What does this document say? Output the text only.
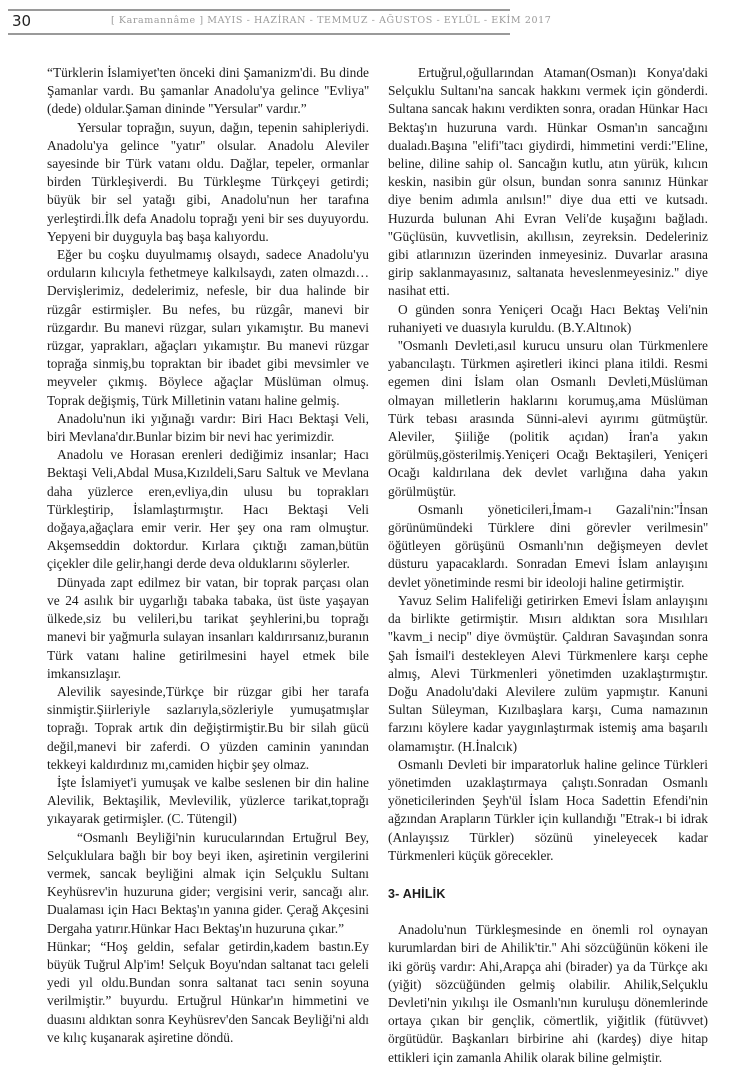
30	[ Karamannâme ] MAYIS - HAZİRAN - TEMMUZ - AĞUSTOS - EYLÜL - EKİM 2017

“Türklerin İslamiyet'ten önceki dini Şamanizm'di. Bu dinde Şamanlar vardı. Bu şamanlar Anadolu'ya gelince ''Evliya'' (dede) oldular.Şaman dininde ''Yersular'' vardır.”

Yersular toprağın, suyun, dağın, tepenin sahipleriydi. Anadolu'ya gelince ''yatır'' olsular. Anadolu Aleviler sayesinde bir Türk vatanı oldu. Dağlar, tepeler, ormanlar birden Türkleşiverdi. Bu Türkleşme Türkçeyi getirdi; büyük bir sel yatağı gibi, Anadolu'nun her tarafına yerleştirdi.İlk defa Anadolu toprağı yeni bir ses duyuyordu. Yepyeni bir duyguyla baş başa kalıyordu.

Eğer bu coşku duyulmamış olsaydı, sadece Anadolu'yu orduların kılıcıyla fethetmeye kalkılsaydı, zaten olmazdı… Dervişlerimiz, dedelerimiz, nefesle, bir dua halinde bir rüzgâr estirmişler. Bu nefes, bu rüzgâr, manevi bir rüzgardır. Bu manevi rüzgar, suları yıkamıştır. Bu manevi rüzgar, yaprakları, ağaçları yıkamıştır. Bu manevi rüzgar toprağa sinmiş,bu topraktan bir ibadet gibi mevsimler ve meyveler çıkmış. Böylece ağaçlar Müslüman olmuş. Toprak değişmiş, Türk Milletinin vatanı haline gelmiş.

Anadolu'nun iki yığınağı vardır: Biri Hacı Bektaşi Veli, biri Mevlana'dır.Bunlar bizim bir nevi hac yerimizdir.

Anadolu ve Horasan erenleri dediğimiz insanlar; Hacı Bektaşi Veli,Abdal Musa,Kızıldeli,Saru Saltuk ve Mevlana daha yüzlerce eren,evliya,din ulusu bu toprakları Türkleştirip, İslamlaştırmıştır. Hacı Bektaşi Veli doğaya,ağaçlara emir verir. Her şey ona ram olmuştur. Akşemseddin doktordur. Kırlara çıktığı zaman,bütün çiçekler dile gelir,hangi derde deva olduklarını söylerler.

Dünyada zapt edilmez bir vatan, bir toprak parçası olan ve 24 asılık bir uygarlığı tabaka tabaka, üst üste yaşayan ülkede,siz bu velileri,bu tarikat şeyhlerini,bu toprağı manevi bir yağmurla sulayan insanları kaldırırsanız,buranın Türk vatanı haline getirilmesini hayel etmek bile imkansızlaşır.

Alevilik sayesinde,Türkçe bir rüzgar gibi her tarafa sinmiştir.Şiirleriyle sazlarıyla,sözleriyle yumuşatmışlar toprağı. Toprak artık din değiştirmiştir.Bu bir silah gücü değil,manevi bir zaferdi. O yüzden caminin yanından tekkeyi kaldırdınız mı,camiden hiçbir şey olmaz.

İşte İslamiyet'i yumuşak ve kalbe seslenen bir din haline Alevilik, Bektaşilik, Mevlevilik, yüzlerce tarikat,toprağı yıkayarak getirmişler. (C. Tütengil)

“Osmanlı Beyliği'nin kurucularından Ertuğrul Bey, Selçuklulara bağlı bir boy beyi iken, aşiretinin vergilerini vermek, sancak beyliğini almak için Selçuklu Sultanı Keyhüsrev'in huzuruna gider; vergisini verir, sancağı alır. Dualaması için Hacı Bektaş'ın yanına gider. Çerağ Akçesini Dergaha yatırır.Hünkar Hacı Bektaş'ın huzuruna çıkar.”

Hünkar; “Hoş geldin, sefalar getirdin,kadem bastın.Ey büyük Tuğrul Alp'im! Selçuk Boyu'ndan saltanat tacı geleli yedi yıl oldu.Bundan sonra saltanat tacı senin soyuna verilmiştir.” buyurdu. Ertuğrul Hünkar'ın himmetini ve duasını aldıktan sonra Keyhüsrev'den Sancak Beyliği'ni aldı ve kılıç kuşanarak aşiretine döndü.

Ertuğrul,oğullarından Ataman(Osman)ı Konya'daki Selçuklu Sultanı'na sancak hakkını vermek için gönderdi. Sultana sancak hakını verdikten sonra, oradan Hünkar Hacı Bektaş'ın huzuruna vardı. Hünkar Osman'ın sancağını dualadı.Başına ''elifi''tacı giydirdi, himmetini verdi:''Eline, beline, diline sahip ol. Sancağın kutlu, atın yürük, kılıcın keskin, nasibin gür olsun, bundan sonra sanınız Hünkar diye benim adımla anılsın!'' diye dua etti ve kutsadı. Huzurda bulunan Ahi Evran Veli'de kuşağını bağladı. ''Güçlüsün, kuvvetlisin, akıllısın, zeyreksin. Dedeleriniz gibi atlarınızın üzerinden inmeyesiniz. Duvarlar arasına girip saklanmayasınız, saltanata heveslenmeyesiniz.'' diye nasihat etti.

O günden sonra Yeniçeri Ocağı Hacı Bektaş Veli'nin ruhaniyeti ve duasıyla kuruldu. (B.Y.Altınok)

''Osmanlı Devleti,asıl kurucu unsuru olan Türkmenlere yabancılaştı. Türkmen aşiretleri ikinci plana itildi. Resmi egemen dini İslam olan Osmanlı Devleti,Müslüman olmayan milletlerin haklarını korumuş,ama Müslüman Türk tebası arasında Sünni-alevi ayırımı gütmüştür. Aleviler, Şiiliğe (politik açıdan) İran'a yakın görülmüş,gösterilmiş.Yeniçeri Ocağı Bektaşileri, Yeniçeri Ocağı kaldırılana dek devlet varlığına daha yakın görülmüştür.

Osmanlı yöneticileri,İmam-ı Gazali'nin:''İnsan görünümündeki Türklere dini görevler verilmesin'' öğütleyen görüşünü Osmanlı'nın değişmeyen devlet düsturu yapacaklardı. Sonradan Emevi İslam anlayışını devlet yönetiminde resmi bir ideoloji haline getirmiştir.

Yavuz Selim Halifeliği getirirken Emevi İslam anlayışını da birlikte getirmiştir. Mısırı aldıktan sora Mısılıları ''kavm_i necip'' diye övmüştür. Çaldıran Savaşından sonra Şah İsmail'i destekleyen Alevi Türkmenlere karşı cephe almış, Alevi Türkmenleri yönetimden uzaklaştırmıştır. Doğu Anadolu'daki Alevilere zulüm yapmıştır. Kanuni Sultan Süleyman, Kızılbaşlara karşı, Cuma namazının farzını köylere kadar yaygınlaştırmak istemiş ama başarılı olamamıştır. (H.İnalcık)

Osmanlı Devleti bir imparatorluk haline gelince Türkleri yönetimden uzaklaştırmaya çalıştı.Sonradan Osmanlı yöneticilerinden Şeyh'ül İslam Hoca Sadettin Efendi'nin ağzından Arapların Türkler için kullandığı ''Etrak-ı bi idrak (Anlayışsız Türkler) sözünü yineleyecek kadar Türkmenleri küçük görecekler.

3- AHİLİK

Anadolu'nun Türkleşmesinde en önemli rol oynayan kurumlardan biri de Ahilik'tir.'' Ahi sözcüğünün kökeni ile iki görüş vardır: Ahi,Arapça ahi (birader) ya da Türkçe akı (yiğit) sözcüğünden gelmiş olabilir. Ahilik,Selçuklu Devleti'nin yıkılışı ile Osmanlı'nın kuruluşu dönemlerinde ortaya çıkan bir gençlik, cömertlik, yiğitlik (fütüvvet) örgütüdür. Başkanları birbirine ahi (kardeş) diye hitap ettikleri için zamanla Ahilik olarak biline gelmiştir.
